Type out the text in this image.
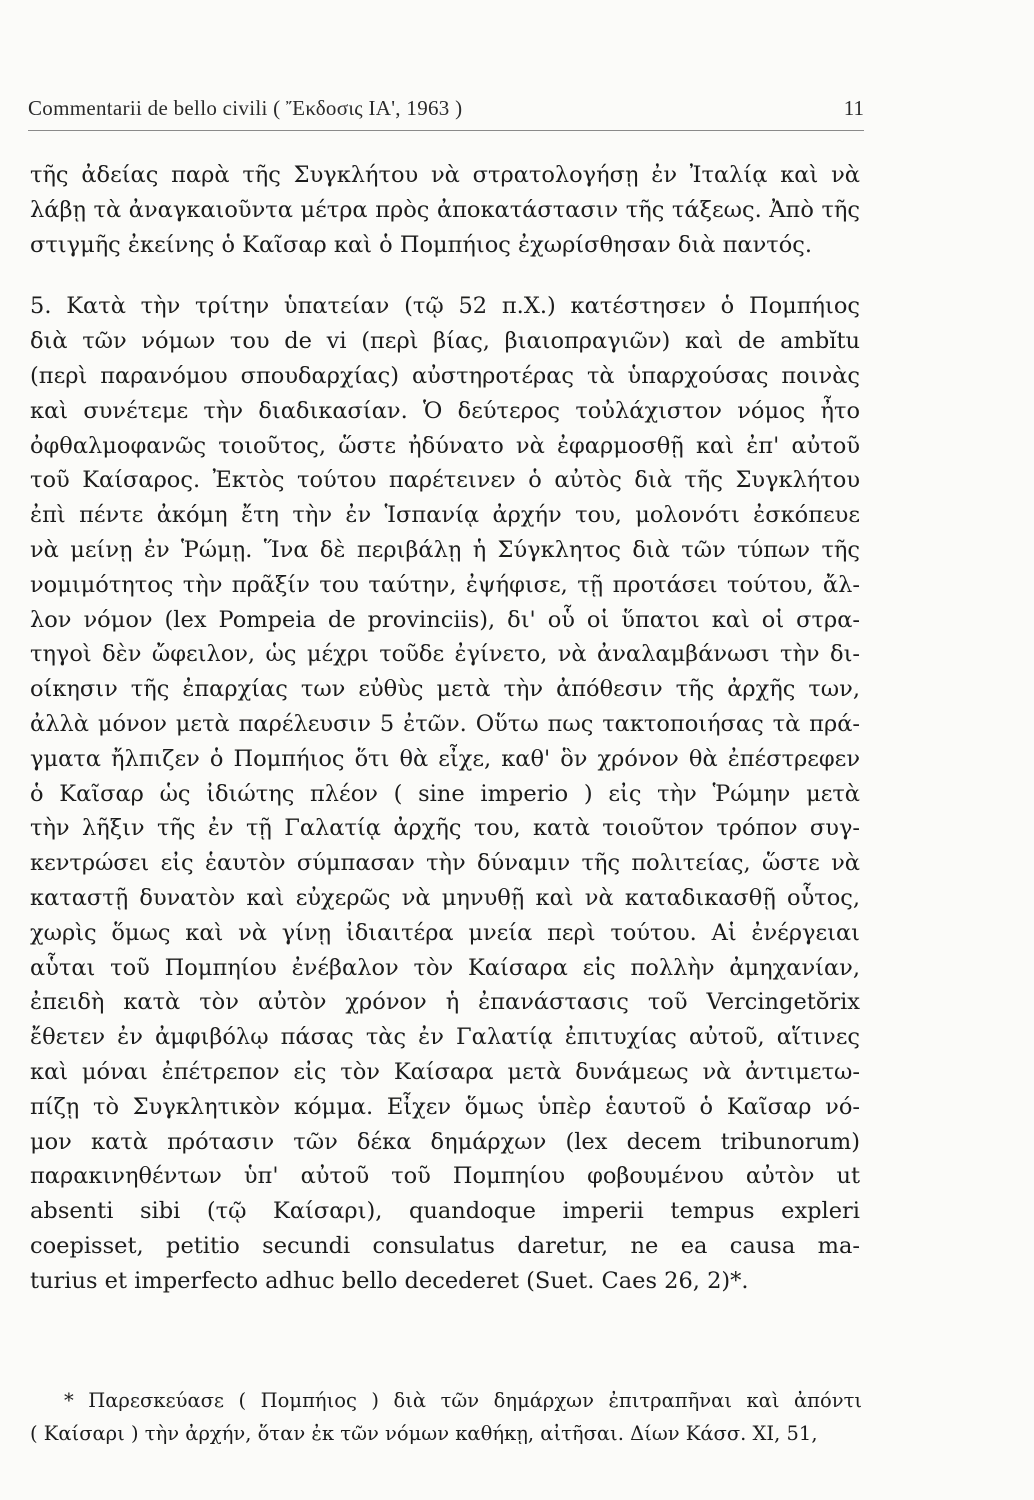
Commentarii de bello civili ( Ἔκδοσις ΙΑ', 1963 )	11
τῆς ἀδείας παρὰ τῆς Συγκλήτου νὰ στρατολογήσῃ ἐν Ἰταλίᾳ καὶ νὰ
λάβῃ τὰ ἀναγκαιοῦντα μέτρα πρὸς ἀποκατάστασιν τῆς τάξεως. Ἀπὸ τῆς
στιγμῆς ἐκείνης ὁ Καῖσαρ καὶ ὁ Πομπήιος ἐχωρίσθησαν διὰ παντός.
5. Κατὰ τὴν τρίτην ὑπατείαν (τῷ 52 π.Χ.) κατέστησεν ὁ Πομπήιος
διὰ τῶν νόμων του de vi (περὶ βίας, βιαιοπραγιῶν) καὶ de ambĭtu
(περὶ παρανόμου σπουδαρχίας) αὐστηροτέρας τὰ ὑπαρχούσας ποινὰς
καὶ συνέτεμε τὴν διαδικασίαν. Ὁ δεύτερος τοὐλάχιστον νόμος ἦτο
ὀφθαλμοφανῶς τοιοῦτος, ὥστε ἠδύνατο νὰ ἐφαρμοσθῇ καὶ ἐπ' αὐτοῦ
τοῦ Καίσαρος. Ἐκτὸς τούτου παρέτεινεν ὁ αὐτὸς διὰ τῆς Συγκλήτου
ἐπὶ πέντε ἀκόμη ἔτη τὴν ἐν Ἱσπανίᾳ ἀρχήν του, μολονότι ἐσκόπευε
νὰ μείνῃ ἐν Ῥώμῃ. Ἵνα δὲ περιβάλῃ ἡ Σύγκλητος διὰ τῶν τύπων τῆς
νομιμότητος τὴν πρᾶξίν του ταύτην, ἐψήφισε, τῇ προτάσει τούτου, ἄλ-
λον νόμον (lex Pompeia de provinciis), δι' οὗ οἱ ὕπατοι καὶ οἱ στρα-
τηγοὶ δὲν ὤφειλον, ὡς μέχρι τοῦδε ἐγίνετο, νὰ ἀναλαμβάνωσι τὴν δι-
οίκησιν τῆς ἐπαρχίας των εὐθὺς μετὰ τὴν ἀπόθεσιν τῆς ἀρχῆς των,
ἀλλὰ μόνον μετὰ παρέλευσιν 5 ἐτῶν. Οὕτω πως τακτοποιήσας τὰ πρά-
γματα ἤλπιζεν ὁ Πομπήιος ὅτι θὰ εἶχε, καθ' ὃν χρόνον θὰ ἐπέστρεφεν
ὁ Καῖσαρ ὡς ἰδιώτης πλέον ( sine imperio ) εἰς τὴν Ῥώμην μετὰ
τὴν λῆξιν τῆς ἐν τῇ Γαλατίᾳ ἀρχῆς του, κατὰ τοιοῦτον τρόπον συγ-
κεντρώσει εἰς ἑαυτὸν σύμπασαν τὴν δύναμιν τῆς πολιτείας, ὥστε νὰ
καταστῇ δυνατὸν καὶ εὐχερῶς νὰ μηνυθῇ καὶ νὰ καταδικασθῇ οὗτος,
χωρὶς ὅμως καὶ νὰ γίνῃ ἰδιαιτέρα μνεία περὶ τούτου. Αἱ ἐνέργειαι
αὗται τοῦ Πομπηίου ἐνέβαλον τὸν Καίσαρα εἰς πολλὴν ἀμηχανίαν,
ἐπειδὴ κατὰ τὸν αὐτὸν χρόνον ἡ ἐπανάστασις τοῦ Vercingetŏrix
ἔθετεν ἐν ἀμφιβόλῳ πάσας τὰς ἐν Γαλατίᾳ ἐπιτυχίας αὐτοῦ, αἵτινες
καὶ μόναι ἐπέτρεπον εἰς τὸν Καίσαρα μετὰ δυνάμεως νὰ ἀντιμετω-
πίζῃ τὸ Συγκλητικὸν κόμμα. Εἶχεν ὅμως ὑπὲρ ἑαυτοῦ ὁ Καῖσαρ νό-
μον κατὰ πρότασιν τῶν δέκα δημάρχων (lex decem tribunorum)
παρακινηθέντων ὑπ' αὐτοῦ τοῦ Πομπηίου φοβουμένου αὐτὸν ut
absenti sibi (τῷ Καίσαρι), quandoque imperii tempus expleri
coepisset, petitio secundi consulatus daretur, ne ea causa ma-
turius et imperfecto adhuc bello decederet (Suet. Caes 26, 2)*.
* Παρεσκεύασε ( Πομπήιος ) διὰ τῶν δημάρχων ἐπιτραπῆναι καὶ ἀπόντι
( Καίσαρι ) τὴν ἀρχήν, ὅταν ἐκ τῶν νόμων καθήκῃ, αἰτῆσαι. Δίων Κάσσ. ΧΙ, 51,
